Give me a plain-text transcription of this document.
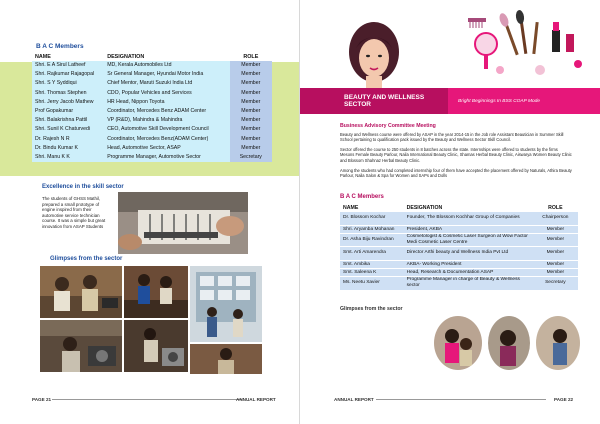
B A C Members
NAME	DESIGNATION	ROLE
Shri. E A Sirul Latheef	MD, Kerala Automobiles Ltd	Member
Shri. Rajkumar Rajagopal	Sr General Manager, Hyundai Motor India	Member
Shri. S Y Syddiqui	Chief Mentor, Maruti Suzuki India Ltd	Member
Shri. Thomas Stephen	CDO, Popular Vehicles and Services	Member
Shri. Jerry Jacob Mathew	HR Head, Nippon Toyota	Member
Prof Gopakumar	Coordinator, Mercedes Benz ADAM Center	Member
Shri. Balakrishna Pattil	VP (R&D), Mahindra & Mahindra	Member
Shri. Sunil K Chaturvedi	CEO, Automotive Skill Development Council	Member
Dr. Rajesh N R	Coordinator, Mercedes Benz(ADAM Center)	Member
Dr. Bindu Kumar K	Head, Automotive Sector, ASAP	Member
Shri. Manu K K	Programme Manager, Automotive Sector	Secretary
Excellence in the skill sector
The students of GHSS Mathil, prepared a small prototype of engine inspired from their automotive service technician course. It was a simple but great innovation from ASAP Students
Glimpses from the sector
PAGE 21	ANNUAL REPORT
BEAUTY AND WELLNESS
SECTOR	Bright Beginnings In BSS COAP Mode
Business Advisory Committee Meeting
Beauty and Wellness course were offered by ASAP in the year 2014-15 in the Job role Assistant Beautician in Summer Skill School pertaining to qualification pack issued by the Beauty and Wellness Sector Skill Council.
Sector offered the course to 250 students in 8 batches across the state. Internships were offered to students by the firms Mesons Female Beauty Parlour, Naila International Beauty Clinic, Shamas Herbal Beauty Clinic, Aiswarya Women Beauty Clinic and Blossom Shahnaz Herbal Beauty Clinic.
Among the students who had completed internship four of them have accepted the placement offered by Naturals, Athira Beauty Parlour, Naila Salon & Spa for Women and SAPs and Dolls
B A C Members
NAME	DESIGNATION	ROLE
Dr. Blossom Kochar	Founder, The Blossom Kochhar Group of Companies	Chairperson
Shri. Aryamba Mohanan	President, AKBA	Member
Dr. Asha Biju Ravindran	Cosmetologist & Cosmetic Laser Surgeon at Wow Factor Medi Cosmetic Laser Centre	Member
Smt. Arti Amarendra	Director Arthi beauty and Wellness India Pvt Ltd	Member
Smt. Ambika	AKBA- Working President	Member
Smt. Saleena K	Head, Research & Documentation ASAP	Member
Ms. Neetu Xavier	Programme Manager in charge of Beauty & Wellness sector	Secretary
Glimpses from the sector
ANNUAL REPORT	PAGE 22
